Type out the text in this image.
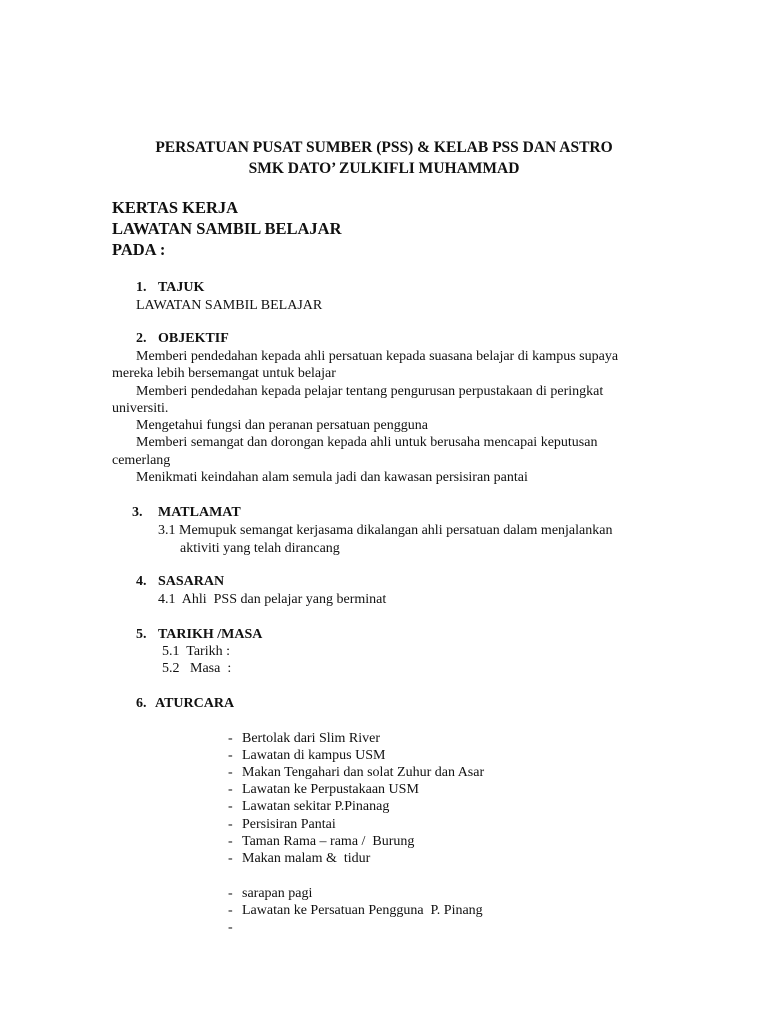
PERSATUAN PUSAT SUMBER (PSS) & KELAB PSS DAN ASTRO
SMK DATO’ ZULKIFLI MUHAMMAD
KERTAS KERJA
LAWATAN SAMBIL BELAJAR
PADA :
1. TAJUK
LAWATAN SAMBIL BELAJAR
2. OBJEKTIF
Memberi pendedahan kepada ahli persatuan kepada suasana belajar di kampus supaya
mereka lebih bersemangat untuk belajar
Memberi pendedahan kepada pelajar tentang pengurusan perpustakaan di peringkat
universiti.
Mengetahui fungsi dan peranan persatuan pengguna
Memberi semangat dan dorongan kepada ahli untuk berusaha mencapai keputusan
cemerlang
Menikmati keindahan alam semula jadi dan kawasan persisiran pantai
3. MATLAMAT
3.1 Memupuk semangat kerjasama dikalangan ahli persatuan dalam menjalankan
aktiviti yang telah dirancang
4. SASARAN
4.1  Ahli  PSS dan pelajar yang berminat
5. TARIKH /MASA
5.1  Tarikh :
5.2   Masa  :
6. ATURCARA
- Bertolak dari Slim River
- Lawatan di kampus USM
- Makan Tengahari dan solat Zuhur dan Asar
- Lawatan ke Perpustakaan USM
- Lawatan sekitar P.Pinanag
- Persisiran Pantai
- Taman Rama – rama /  Burung
- Makan malam &  tidur
- sarapan pagi
- Lawatan ke Persatuan Pengguna  P. Pinang
-
